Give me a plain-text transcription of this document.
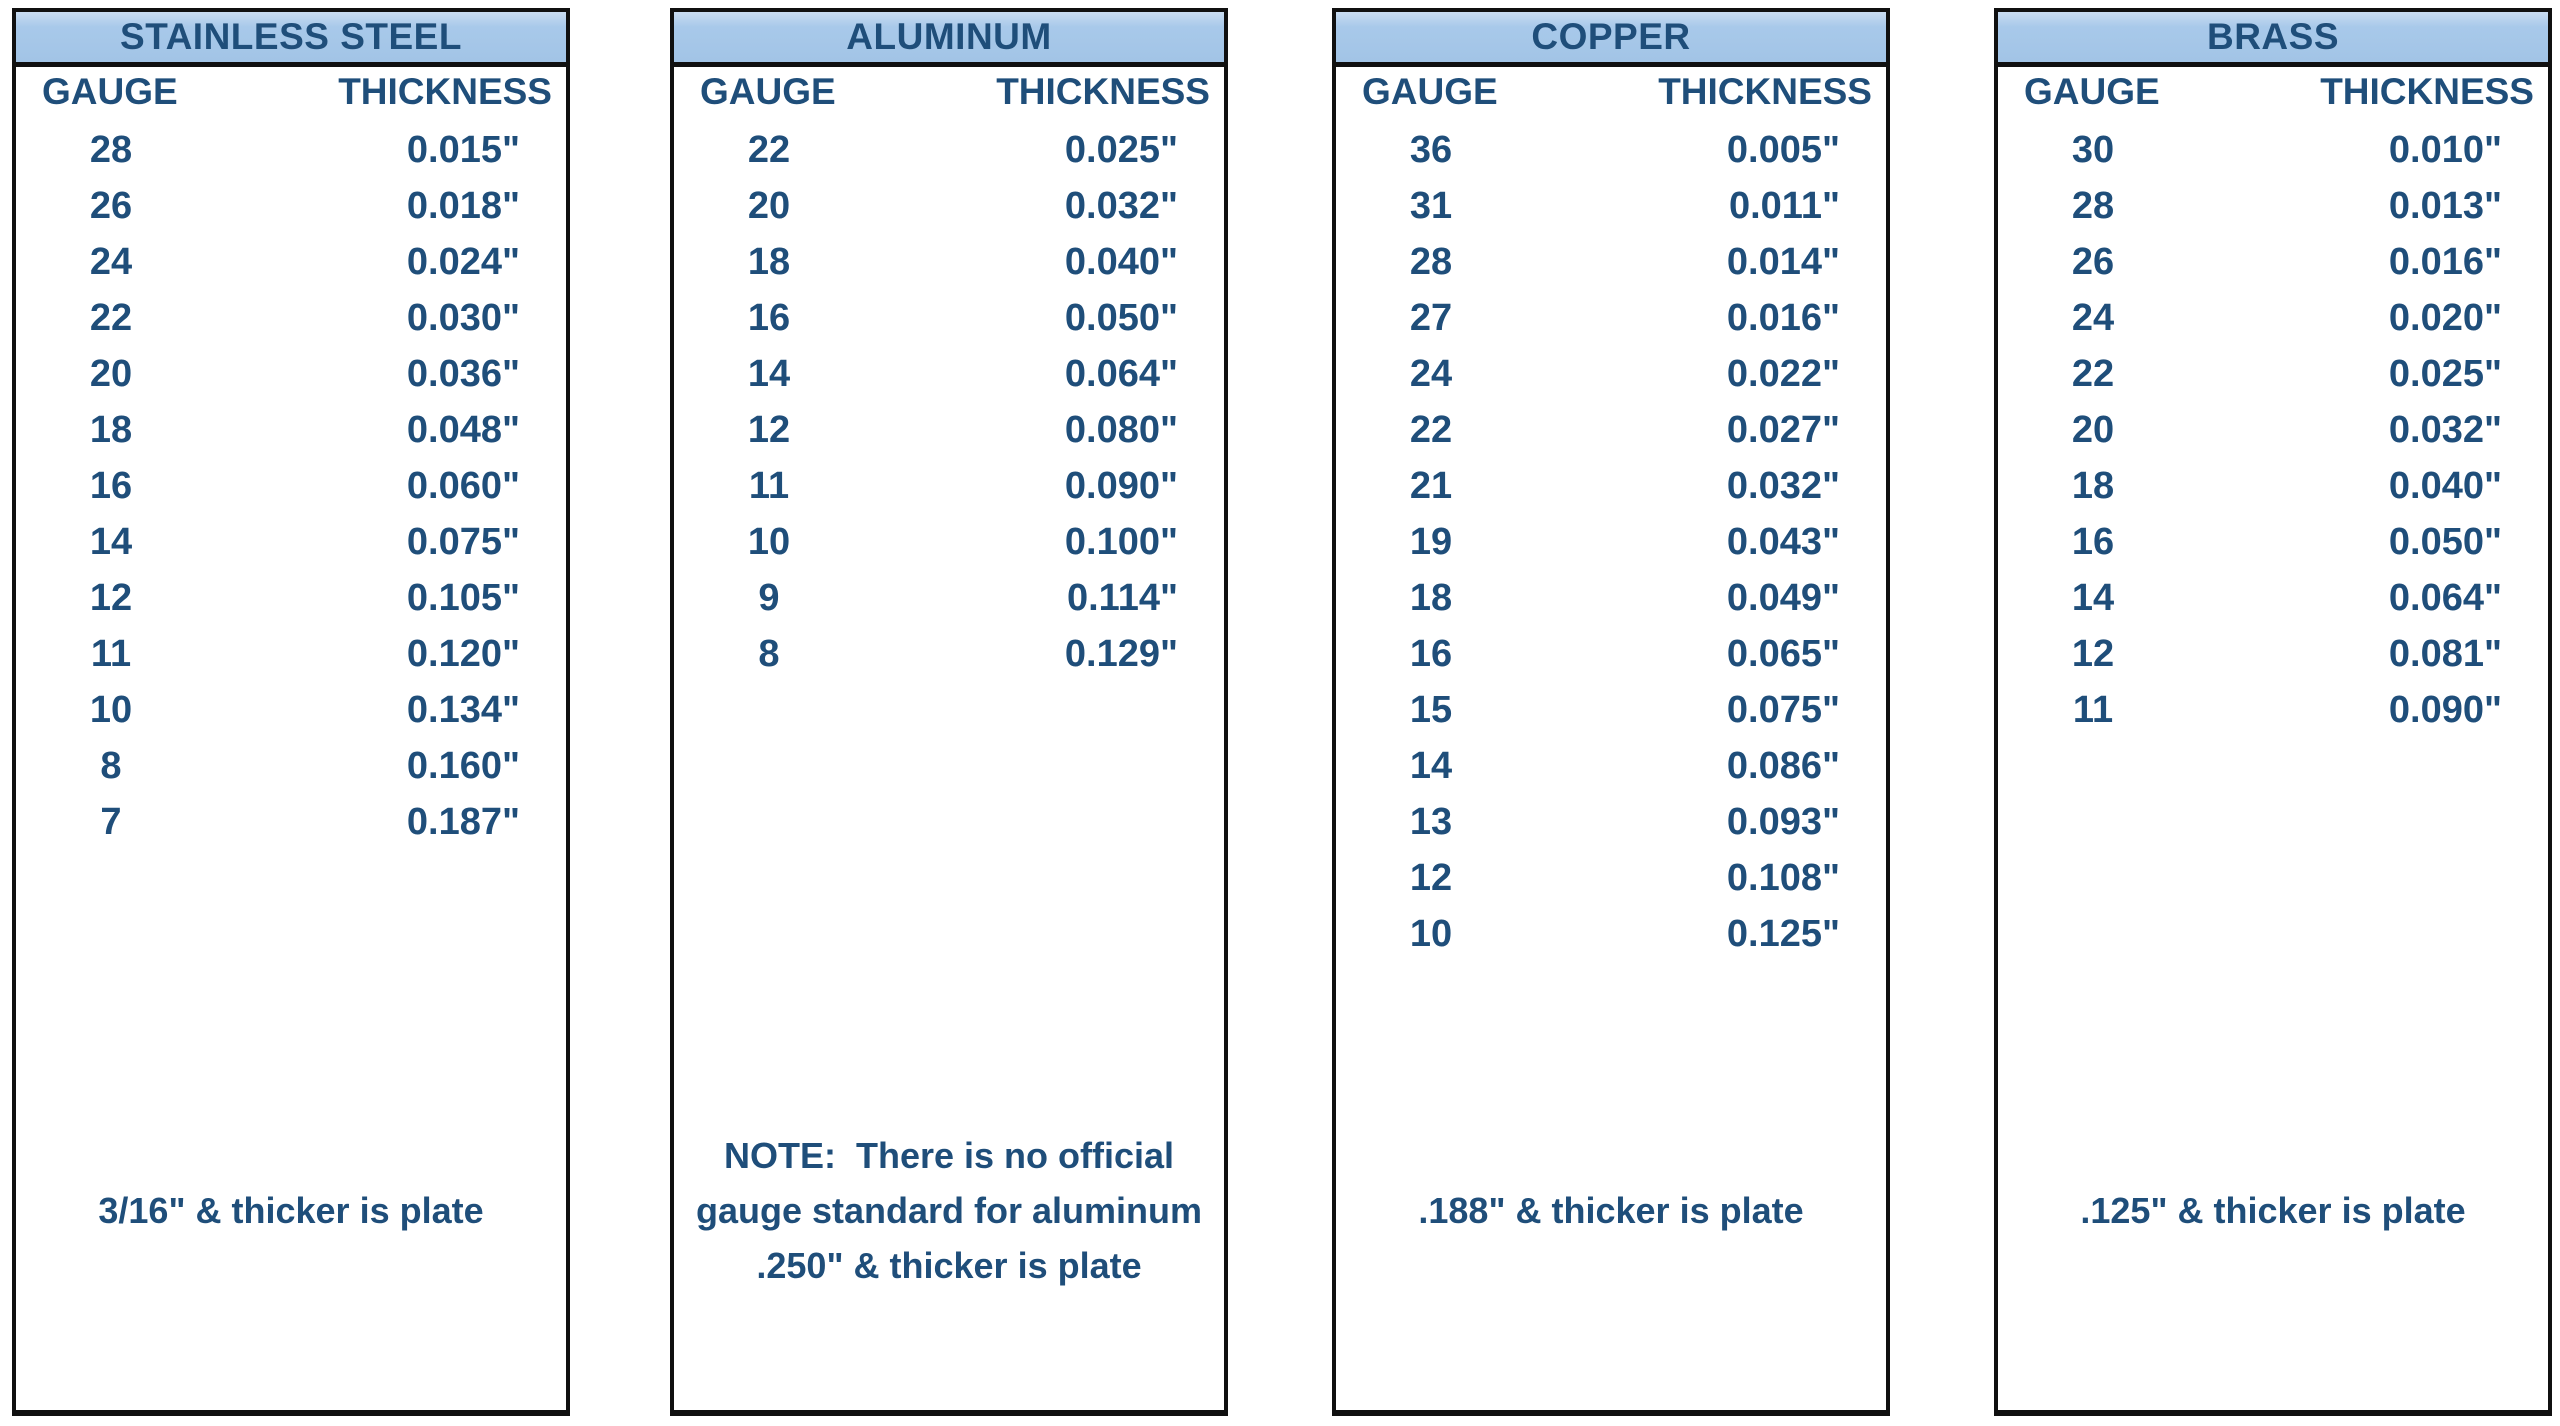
STAINLESS STEEL
GAUGE	THICKNESS
28	0.015"
26	0.018"
24	0.024"
22	0.030"
20	0.036"
18	0.048"
16	0.060"
14	0.075"
12	0.105"
11	0.120"
10	0.134"
8	0.160"
7	0.187"
3/16" & thicker is plate
ALUMINUM
GAUGE	THICKNESS
22	0.025"
20	0.032"
18	0.040"
16	0.050"
14	0.064"
12	0.080"
11	0.090"
10	0.100"
9	0.114"
8	0.129"
NOTE:  There is no official
gauge standard for aluminum
.250" & thicker is plate
COPPER
GAUGE	THICKNESS
36	0.005"
31	0.011"
28	0.014"
27	0.016"
24	0.022"
22	0.027"
21	0.032"
19	0.043"
18	0.049"
16	0.065"
15	0.075"
14	0.086"
13	0.093"
12	0.108"
10	0.125"
.188" & thicker is plate
BRASS
GAUGE	THICKNESS
30	0.010"
28	0.013"
26	0.016"
24	0.020"
22	0.025"
20	0.032"
18	0.040"
16	0.050"
14	0.064"
12	0.081"
11	0.090"
.125" & thicker is plate
